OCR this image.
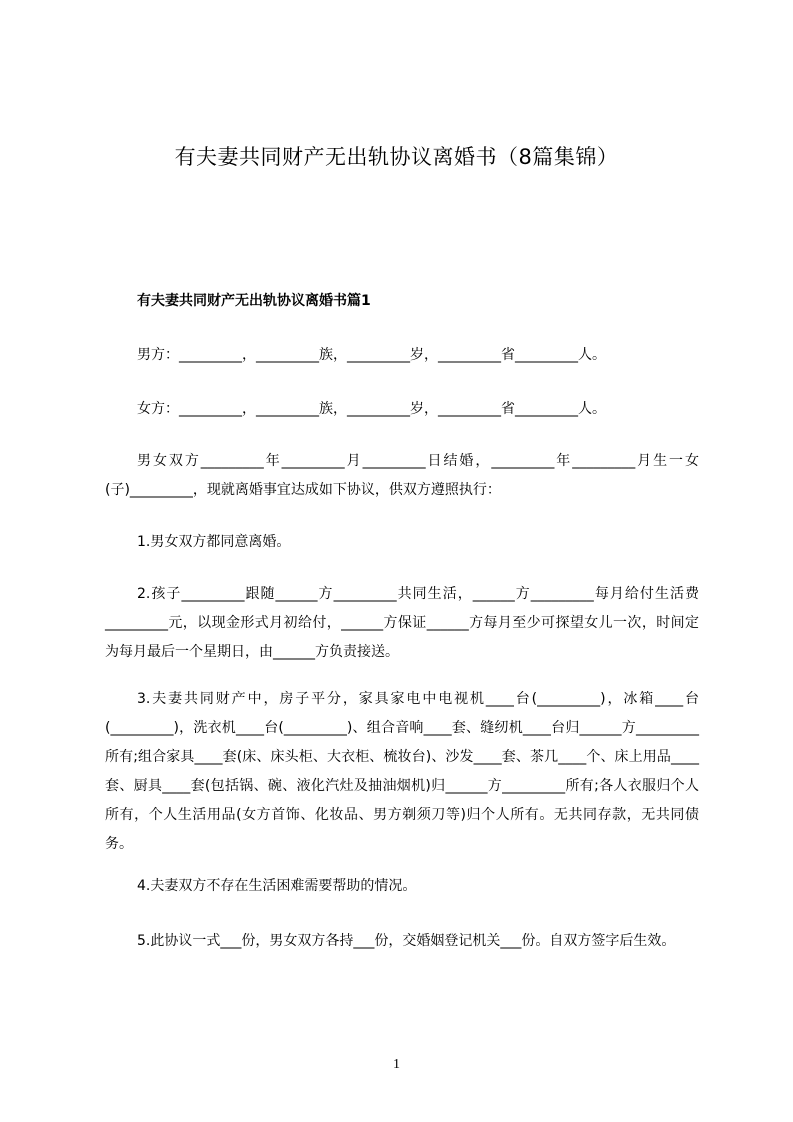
有夫妻共同财产无出轨协议离婚书（8篇集锦）
有夫妻共同财产无出轨协议离婚书篇1
男方：_________，_________族，_________岁，_________省_________人。
女方：_________，_________族，_________岁，_________省_________人。
男女双方_________年_________月_________日结婚，_________年_________月生一女(子)_________，现就离婚事宜达成如下协议，供双方遵照执行：
1.男女双方都同意离婚。
2.孩子_________跟随______方_________共同生活，______方_________每月给付生活费_________元，以现金形式月初给付，______方保证______方每月至少可探望女儿一次，时间定为每月最后一个星期日，由______方负责接送。
3.夫妻共同财产中，房子平分，家具家电中电视机____台(_________)，冰箱____台(_________)，洗衣机____台(_________)、组合音响____套、缝纫机____台归______方_________所有;组合家具____套(床、床头柜、大衣柜、梳妆台)、沙发____套、茶几____个、床上用品____套、厨具____套(包括锅、碗、液化汽灶及抽油烟机)归______方_________所有;各人衣服归个人所有，个人生活用品(女方首饰、化妆品、男方剃须刀等)归个人所有。无共同存款，无共同债务。
4.夫妻双方不存在生活困难需要帮助的情况。
5.此协议一式___份，男女双方各持___份，交婚姻登记机关___份。自双方签字后生效。
1
